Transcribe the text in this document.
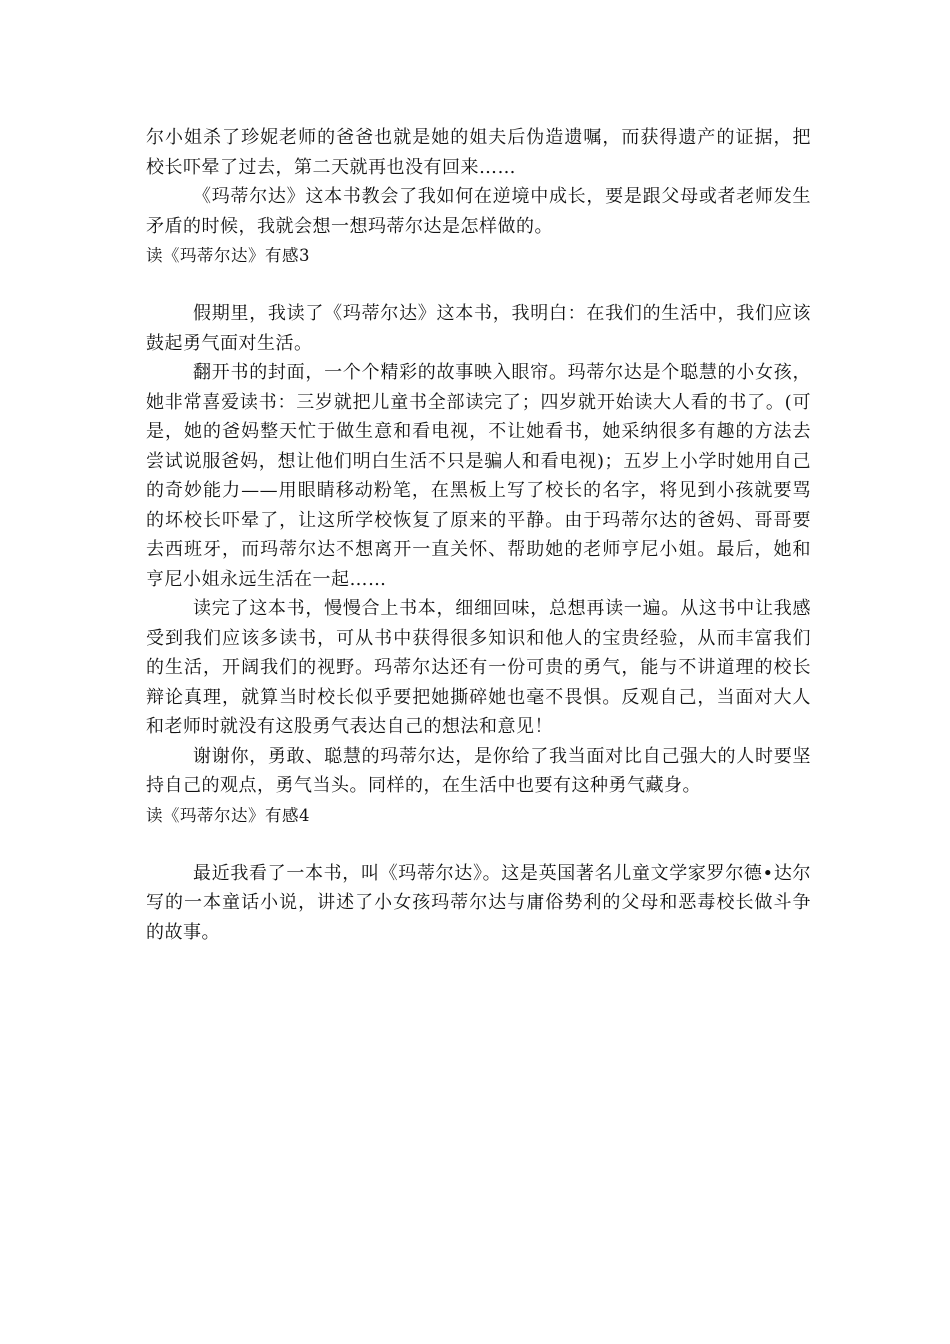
尔小姐杀了珍妮老师的爸爸也就是她的姐夫后伪造遗嘱，而获得遗产的证据，把校长吓晕了过去，第二天就再也没有回来……

《玛蒂尔达》这本书教会了我如何在逆境中成长，要是跟父母或者老师发生矛盾的时候，我就会想一想玛蒂尔达是怎样做的。

读《玛蒂尔达》有感3

假期里，我读了《玛蒂尔达》这本书，我明白：在我们的生活中，我们应该鼓起勇气面对生活。

翻开书的封面，一个个精彩的故事映入眼帘。玛蒂尔达是个聪慧的小女孩，她非常喜爱读书：三岁就把儿童书全部读完了；四岁就开始读大人看的书了。(可是，她的爸妈整天忙于做生意和看电视，不让她看书，她采纳很多有趣的方法去尝试说服爸妈，想让他们明白生活不只是骗人和看电视)；五岁上小学时她用自己的奇妙能力——用眼睛移动粉笔，在黑板上写了校长的名字，将见到小孩就要骂的坏校长吓晕了，让这所学校恢复了原来的平静。由于玛蒂尔达的爸妈、哥哥要去西班牙，而玛蒂尔达不想离开一直关怀、帮助她的老师亨尼小姐。最后，她和亨尼小姐永远生活在一起……

读完了这本书，慢慢合上书本，细细回味，总想再读一遍。从这书中让我感受到我们应该多读书，可从书中获得很多知识和他人的宝贵经验，从而丰富我们的生活，开阔我们的视野。玛蒂尔达还有一份可贵的勇气，能与不讲道理的校长辩论真理，就算当时校长似乎要把她撕碎她也毫不畏惧。反观自己，当面对大人和老师时就没有这股勇气表达自己的想法和意见！

谢谢你，勇敢、聪慧的玛蒂尔达，是你给了我当面对比自己强大的人时要坚持自己的观点，勇气当头。同样的，在生活中也要有这种勇气藏身。

读《玛蒂尔达》有感4

最近我看了一本书，叫《玛蒂尔达》。这是英国著名儿童文学家罗尔德•达尔写的一本童话小说，讲述了小女孩玛蒂尔达与庸俗势利的父母和恶毒校长做斗争的故事。
